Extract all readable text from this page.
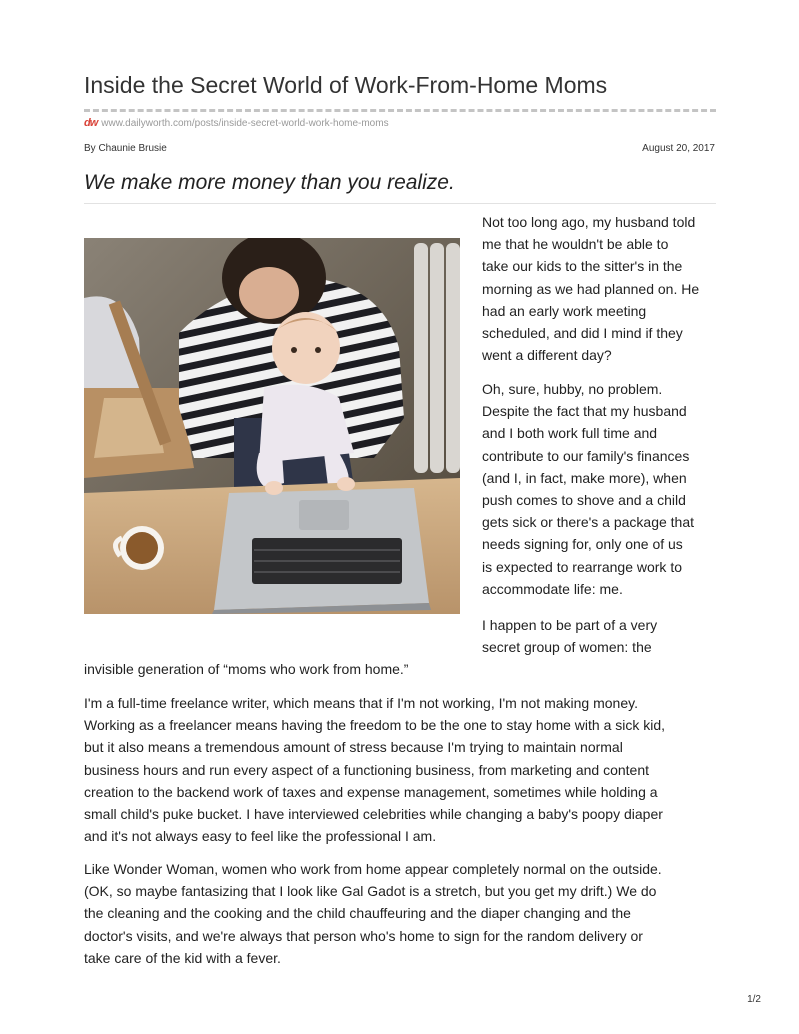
Inside the Secret World of Work-From-Home Moms
dw www.dailyworth.com/posts/inside-secret-world-work-home-moms
By Chaunie Brusie	August 20, 2017
We make more money than you realize.

Not too long ago, my husband told
me that he wouldn't be able to
take our kids to the sitter's in the
morning as we had planned on. He
had an early work meeting
scheduled, and did I mind if they
went a different day?

Oh, sure, hubby, no problem.
Despite the fact that my husband
and I both work full time and
contribute to our family's finances
(and I, in fact, make more), when
push comes to shove and a child
gets sick or there's a package that
needs signing for, only one of us
is expected to rearrange work to
accommodate life: me.

I happen to be part of a very
secret group of women: the

invisible generation of “moms who work from home.”

I'm a full-time freelance writer, which means that if I'm not working, I'm not making money.
Working as a freelancer means having the freedom to be the one to stay home with a sick kid,
but it also means a tremendous amount of stress because I'm trying to maintain normal
business hours and run every aspect of a functioning business, from marketing and content
creation to the backend work of taxes and expense management, sometimes while holding a
small child's puke bucket. I have interviewed celebrities while changing a baby's poopy diaper
and it's not always easy to feel like the professional I am.

Like Wonder Woman, women who work from home appear completely normal on the outside.
(OK, so maybe fantasizing that I look like Gal Gadot is a stretch, but you get my drift.) We do
the cleaning and the cooking and the child chauffeuring and the diaper changing and the
doctor's visits, and we're always that person who's home to sign for the random delivery or
take care of the kid with a fever.

1/2
